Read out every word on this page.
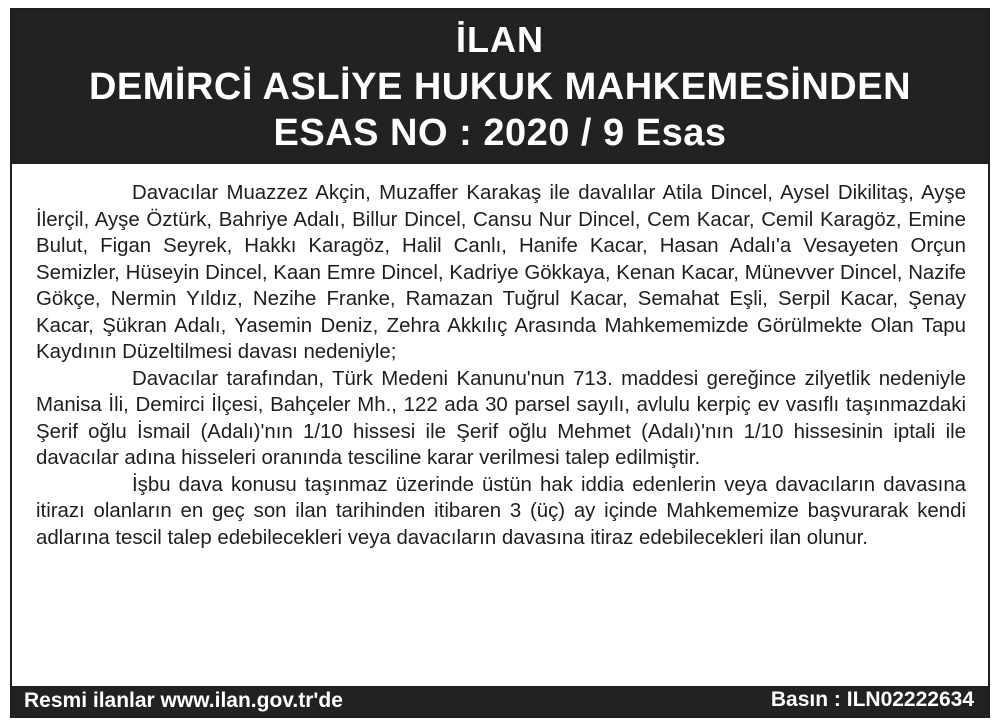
İLAN
DEMİRCİ ASLİYE HUKUK MAHKEMESİNDEN
ESAS NO : 2020 / 9 Esas

Davacılar Muazzez Akçin, Muzaffer Karakaş ile davalılar Atila Dincel, Aysel Dikilitaş, Ayşe İlerçil, Ayşe Öztürk, Bahriye Adalı, Billur Dincel, Cansu Nur Dincel, Cem Kacar, Cemil Karagöz, Emine Bulut, Figan Seyrek, Hakkı Karagöz, Halil Canlı, Hanife Kacar, Hasan Adalı'a Vesayeten Orçun Semizler, Hüseyin Dincel, Kaan Emre Dincel, Kadriye Gökkaya, Kenan Kacar, Münevver Dincel, Nazife Gökçe, Nermin Yıldız, Nezihe Franke, Ramazan Tuğrul Kacar, Semahat Eşli, Serpil Kacar, Şenay Kacar, Şükran Adalı, Yasemin Deniz, Zehra Akkılıç Arasında Mahkememizde Görülmekte Olan Tapu Kaydının Düzeltilmesi davası nedeniyle;

Davacılar tarafından, Türk Medeni Kanunu'nun 713. maddesi gereğince zilyetlik nedeniyle Manisa İli, Demirci İlçesi, Bahçeler Mh., 122 ada 30 parsel sayılı, avlulu kerpiç ev vasıflı taşınmazdaki Şerif oğlu İsmail (Adalı)'nın 1/10 hissesi ile Şerif oğlu Mehmet (Adalı)'nın 1/10 hissesinin iptali ile davacılar adına hisseleri oranında tesciline karar verilmesi talep edilmiştir.

İşbu dava konusu taşınmaz üzerinde üstün hak iddia edenlerin veya davacıların davasına itirazı olanların en geç son ilan tarihinden itibaren 3 (üç) ay içinde Mahkememize başvurarak kendi adlarına tescil talep edebilecekleri veya davacıların davasına itiraz edebilecekleri ilan olunur.

Resmi ilanlar www.ilan.gov.tr'de	Basın : ILN02222634
